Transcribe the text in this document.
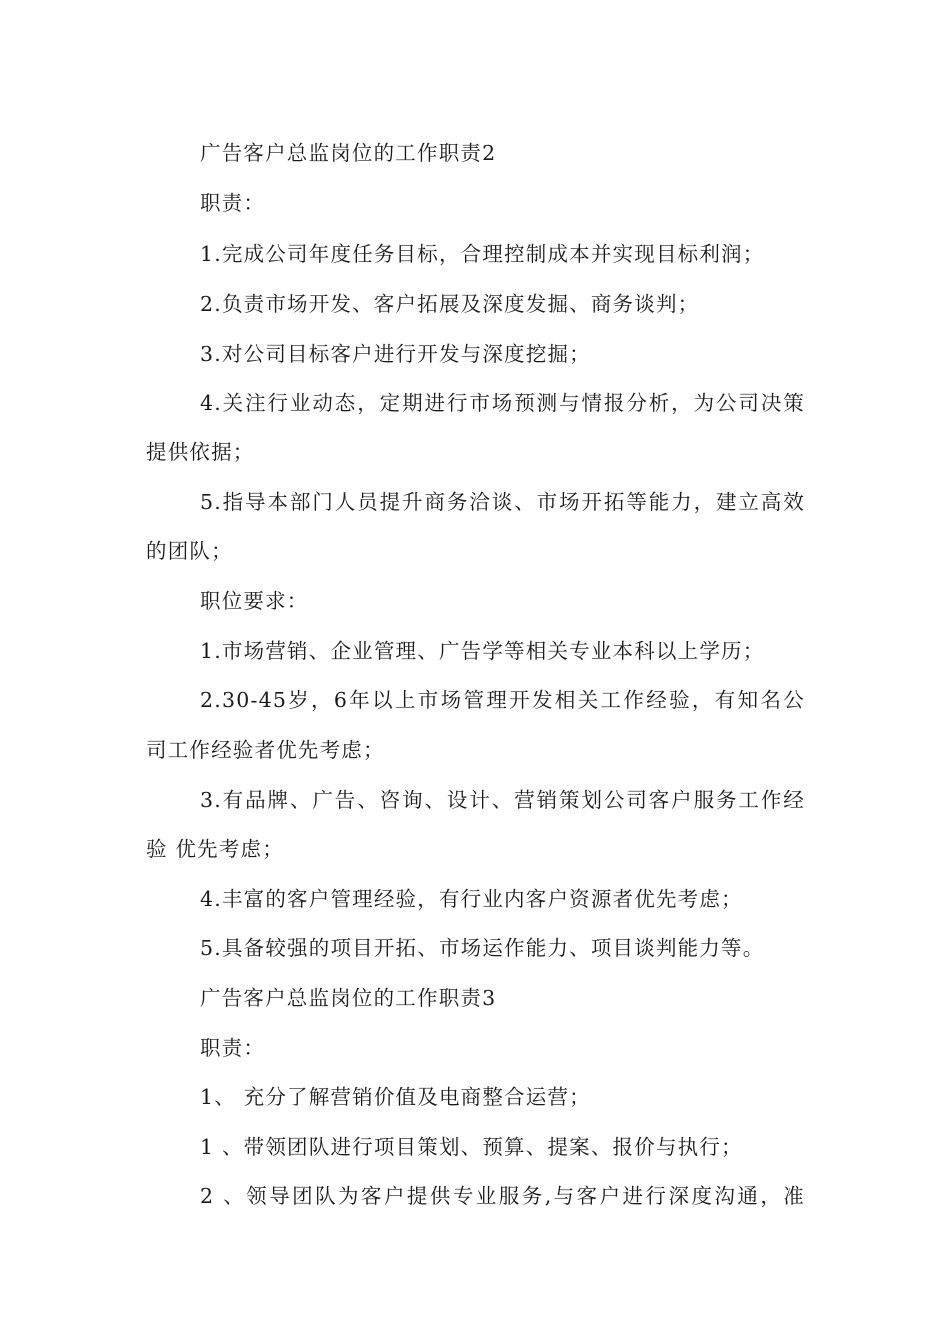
广告客户总监岗位的工作职责2
职责：
1.完成公司年度任务目标，合理控制成本并实现目标利润；
2.负责市场开发、客户拓展及深度发掘、商务谈判；
3.对公司目标客户进行开发与深度挖掘；
4.关注行业动态，定期进行市场预测与情报分析，为公司决策
提供依据；
5.指导本部门人员提升商务洽谈、市场开拓等能力，建立高效
的团队；
职位要求：
1.市场营销、企业管理、广告学等相关专业本科以上学历；
2.30-45岁，6年以上市场管理开发相关工作经验，有知名公
司工作经验者优先考虑；
3.有品牌、广告、咨询、设计、营销策划公司客户服务工作经
验 优先考虑；
4.丰富的客户管理经验，有行业内客户资源者优先考虑；
5.具备较强的项目开拓、市场运作能力、项目谈判能力等。
广告客户总监岗位的工作职责3
职责：
1、 充分了解营销价值及电商整合运营；
1 、带领团队进行项目策划、预算、提案、报价与执行；
2 、领导团队为客户提供专业服务,与客户进行深度沟通，准
